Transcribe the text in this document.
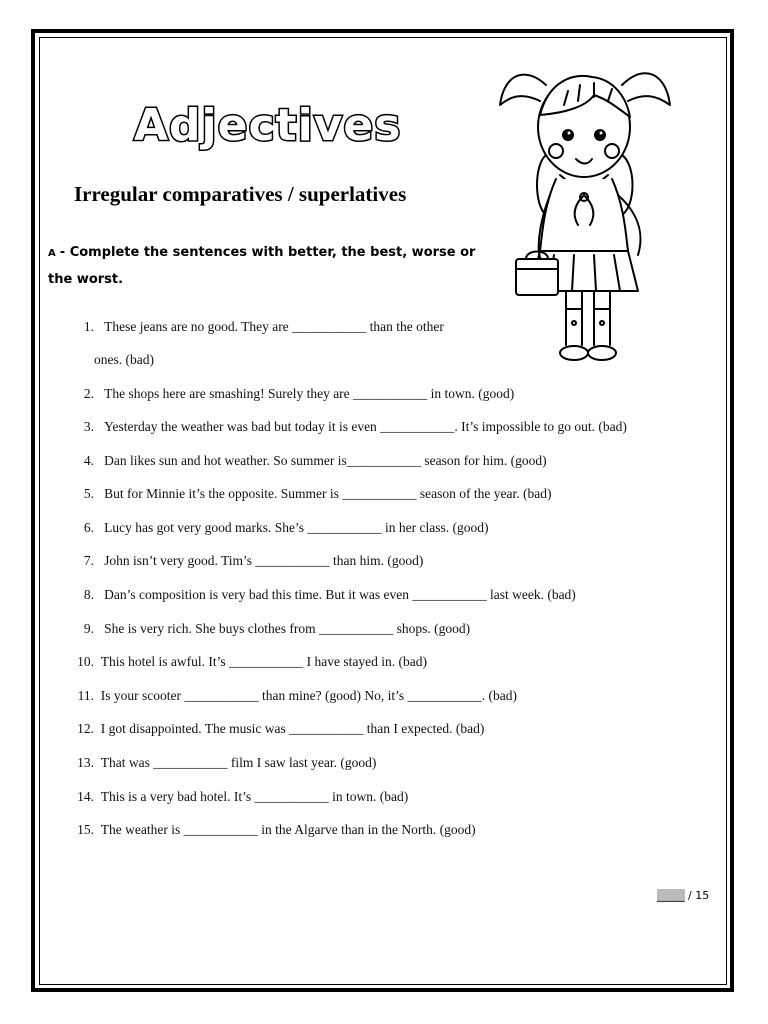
Adjectives
Irregular comparatives / superlatives
A - Complete the sentences with better, the best, worse or the worst.
1. These jeans are no good. They are ___________ than the other
ones. (bad)
2. The shops here are smashing! Surely they are ___________ in town. (good)
3. Yesterday the weather was bad but today it is even ___________. It’s impossible to go out. (bad)
4. Dan likes sun and hot weather. So summer is___________ season for him. (good)
5. But for Minnie it’s the opposite. Summer is ___________ season of the year. (bad)
6. Lucy has got very good marks. She’s ___________ in her class. (good)
7. John isn’t very good. Tim’s ___________ than him. (good)
8. Dan’s composition is very bad this time. But it was even ___________ last week. (bad)
9. She is very rich. She buys clothes from ___________ shops. (good)
10. This hotel is awful. It’s ___________ I have stayed in. (bad)
11. Is your scooter ___________ than mine? (good) No, it’s ___________. (bad)
12. I got disappointed. The music was ___________ than I expected. (bad)
13. That was ___________ film I saw last year. (good)
14. This is a very bad hotel. It’s ___________ in town. (bad)
15. The weather is ___________ in the Algarve than in the North. (good)
_____ / 15
